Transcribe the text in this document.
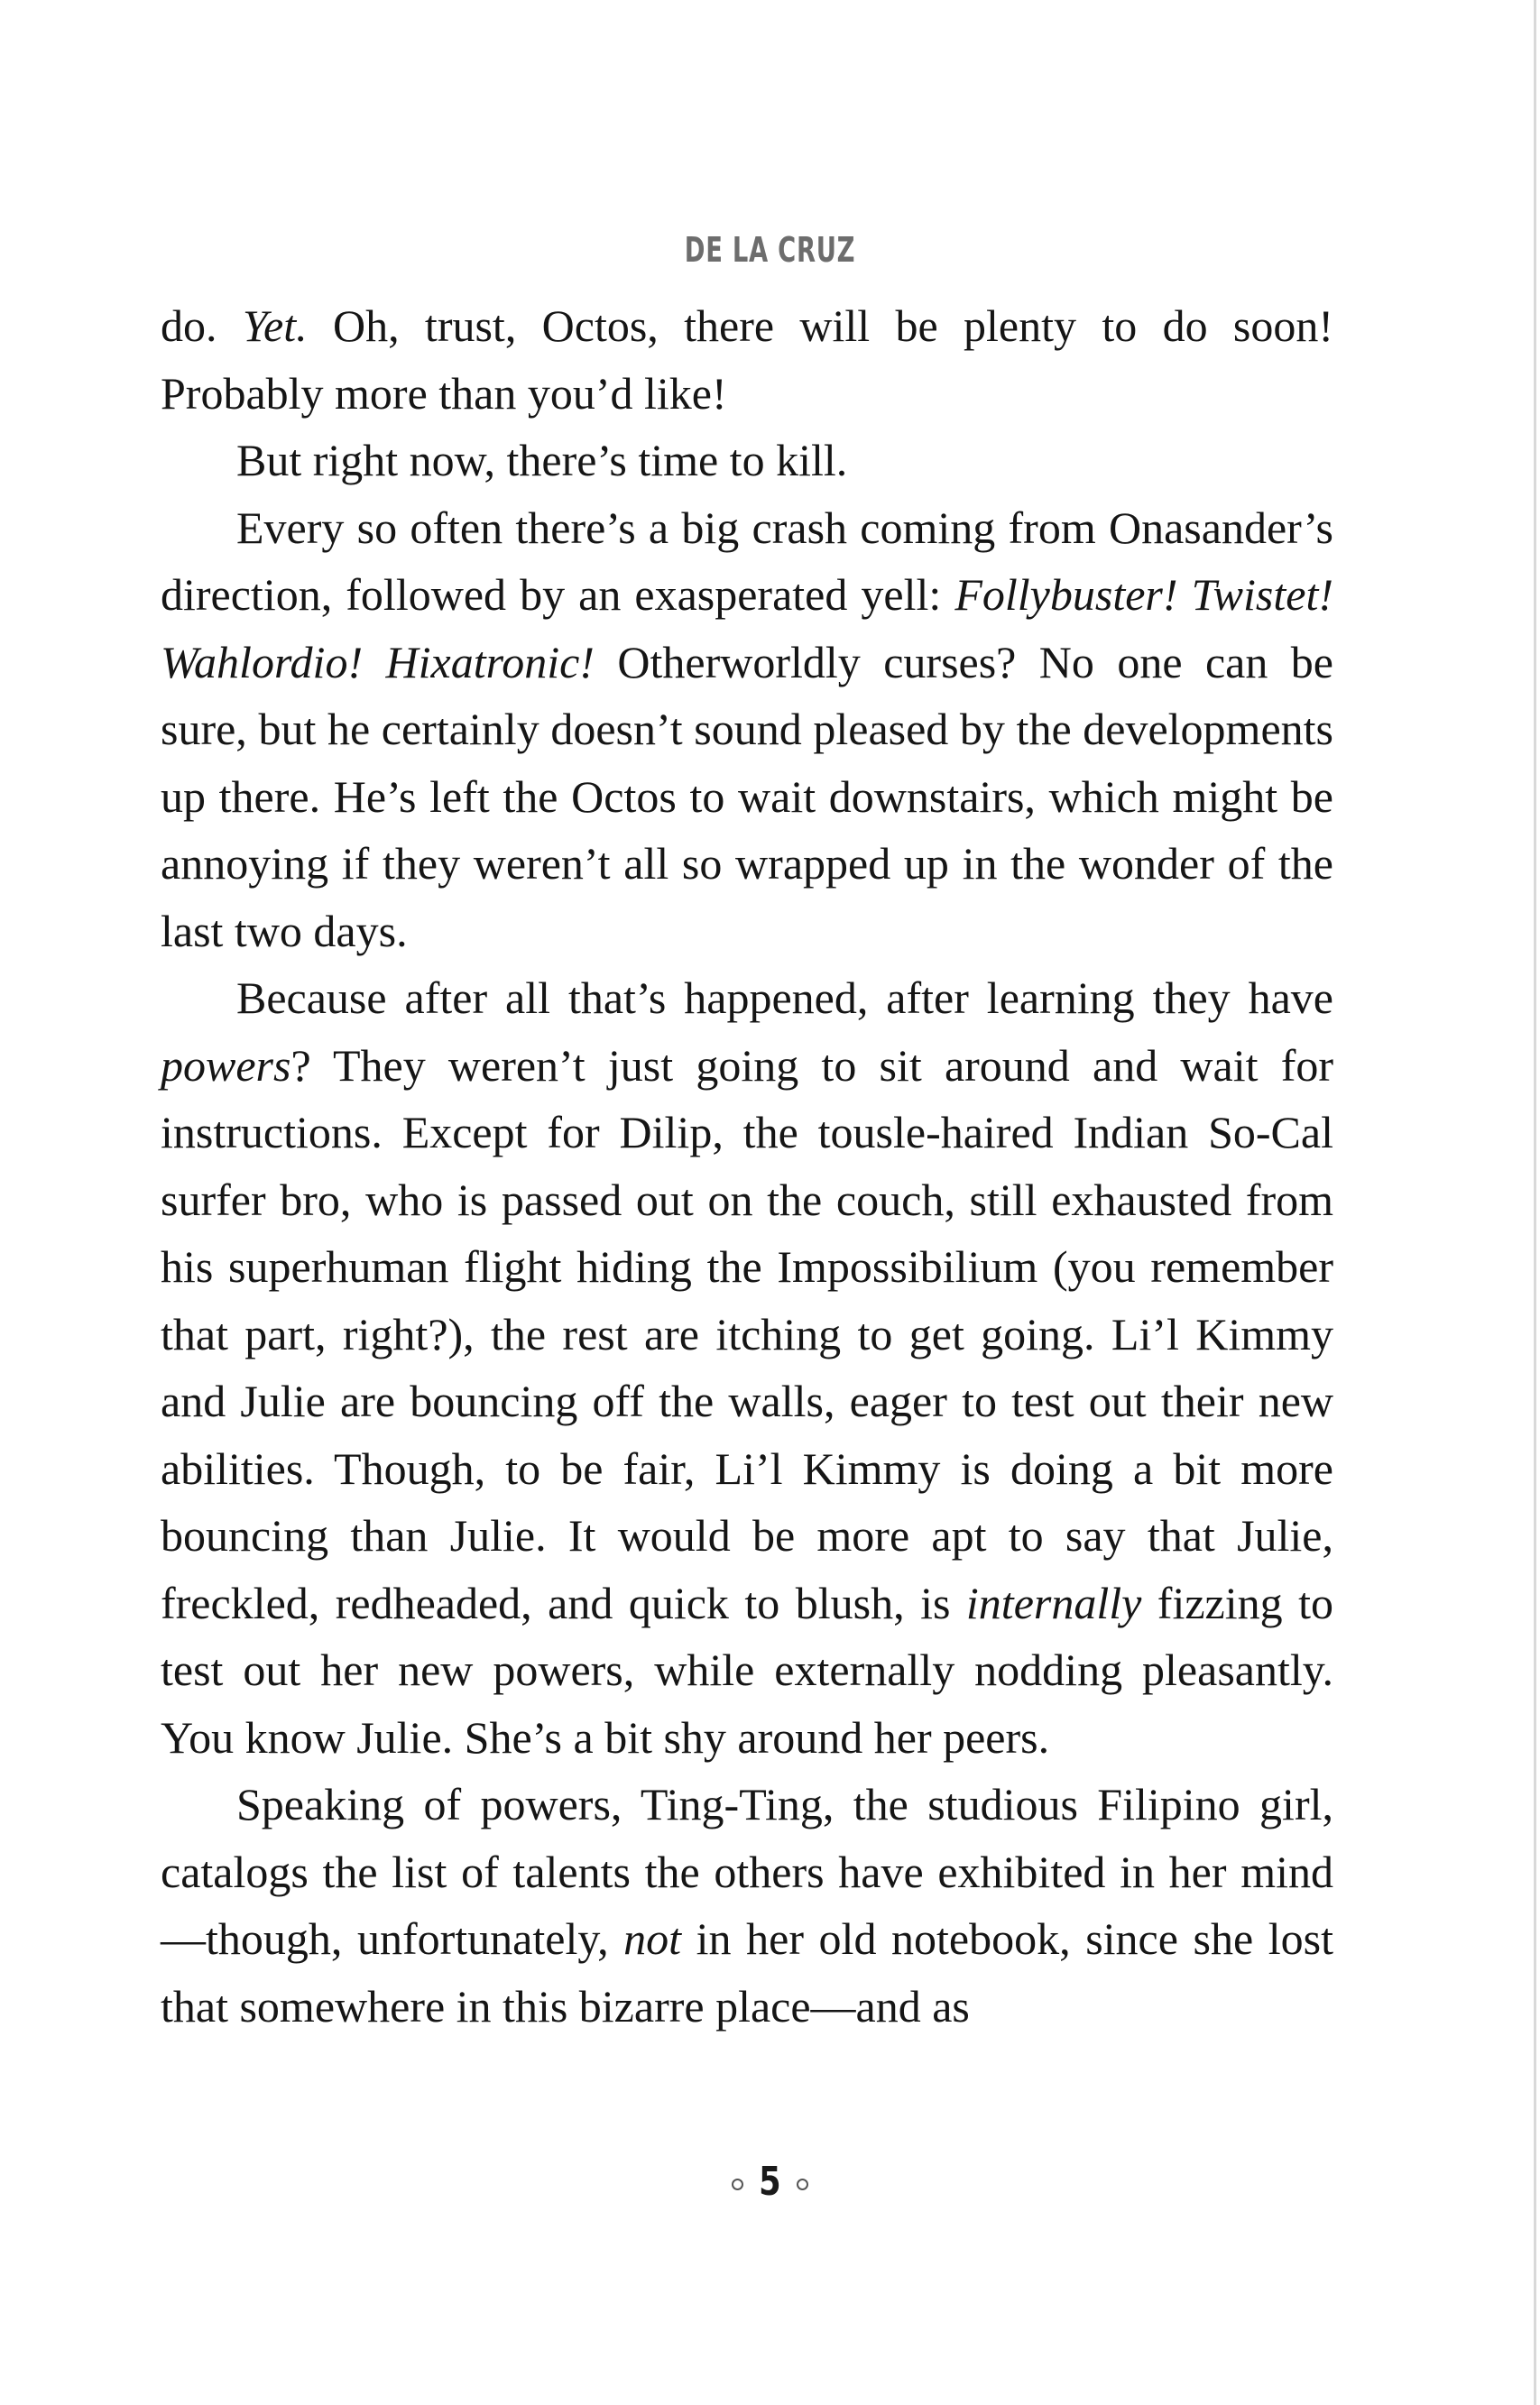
DE LA CRUZ

do. Yet. Oh, trust, Octos, there will be plenty to do soon! Probably more than you’d like!

But right now, there’s time to kill.

Every so often there’s a big crash coming from Onasander’s direction, followed by an exasperated yell: Follybuster! Twistet! Wahlordio! Hixatronic! Otherworldly curses? No one can be sure, but he certainly doesn’t sound pleased by the developments up there. He’s left the Octos to wait downstairs, which might be annoying if they weren’t all so wrapped up in the wonder of the last two days.

Because after all that’s happened, after learning they have powers? They weren’t just going to sit around and wait for instructions. Except for Dilip, the tousle-haired Indian So-Cal surfer bro, who is passed out on the couch, still exhausted from his superhuman flight hiding the Impossibilium (you remember that part, right?), the rest are itching to get going. Li’l Kimmy and Julie are bouncing off the walls, eager to test out their new abilities. Though, to be fair, Li’l Kimmy is doing a bit more bouncing than Julie. It would be more apt to say that Julie, freckled, redheaded, and quick to blush, is internally fizzing to test out her new powers, while externally nodding pleasantly. You know Julie. She’s a bit shy around her peers.

Speaking of powers, Ting-Ting, the studious Filipino girl, catalogs the list of talents the others have exhibited in her mind—though, unfortunately, not in her old notebook, since she lost that somewhere in this bizarre place—and as

5
